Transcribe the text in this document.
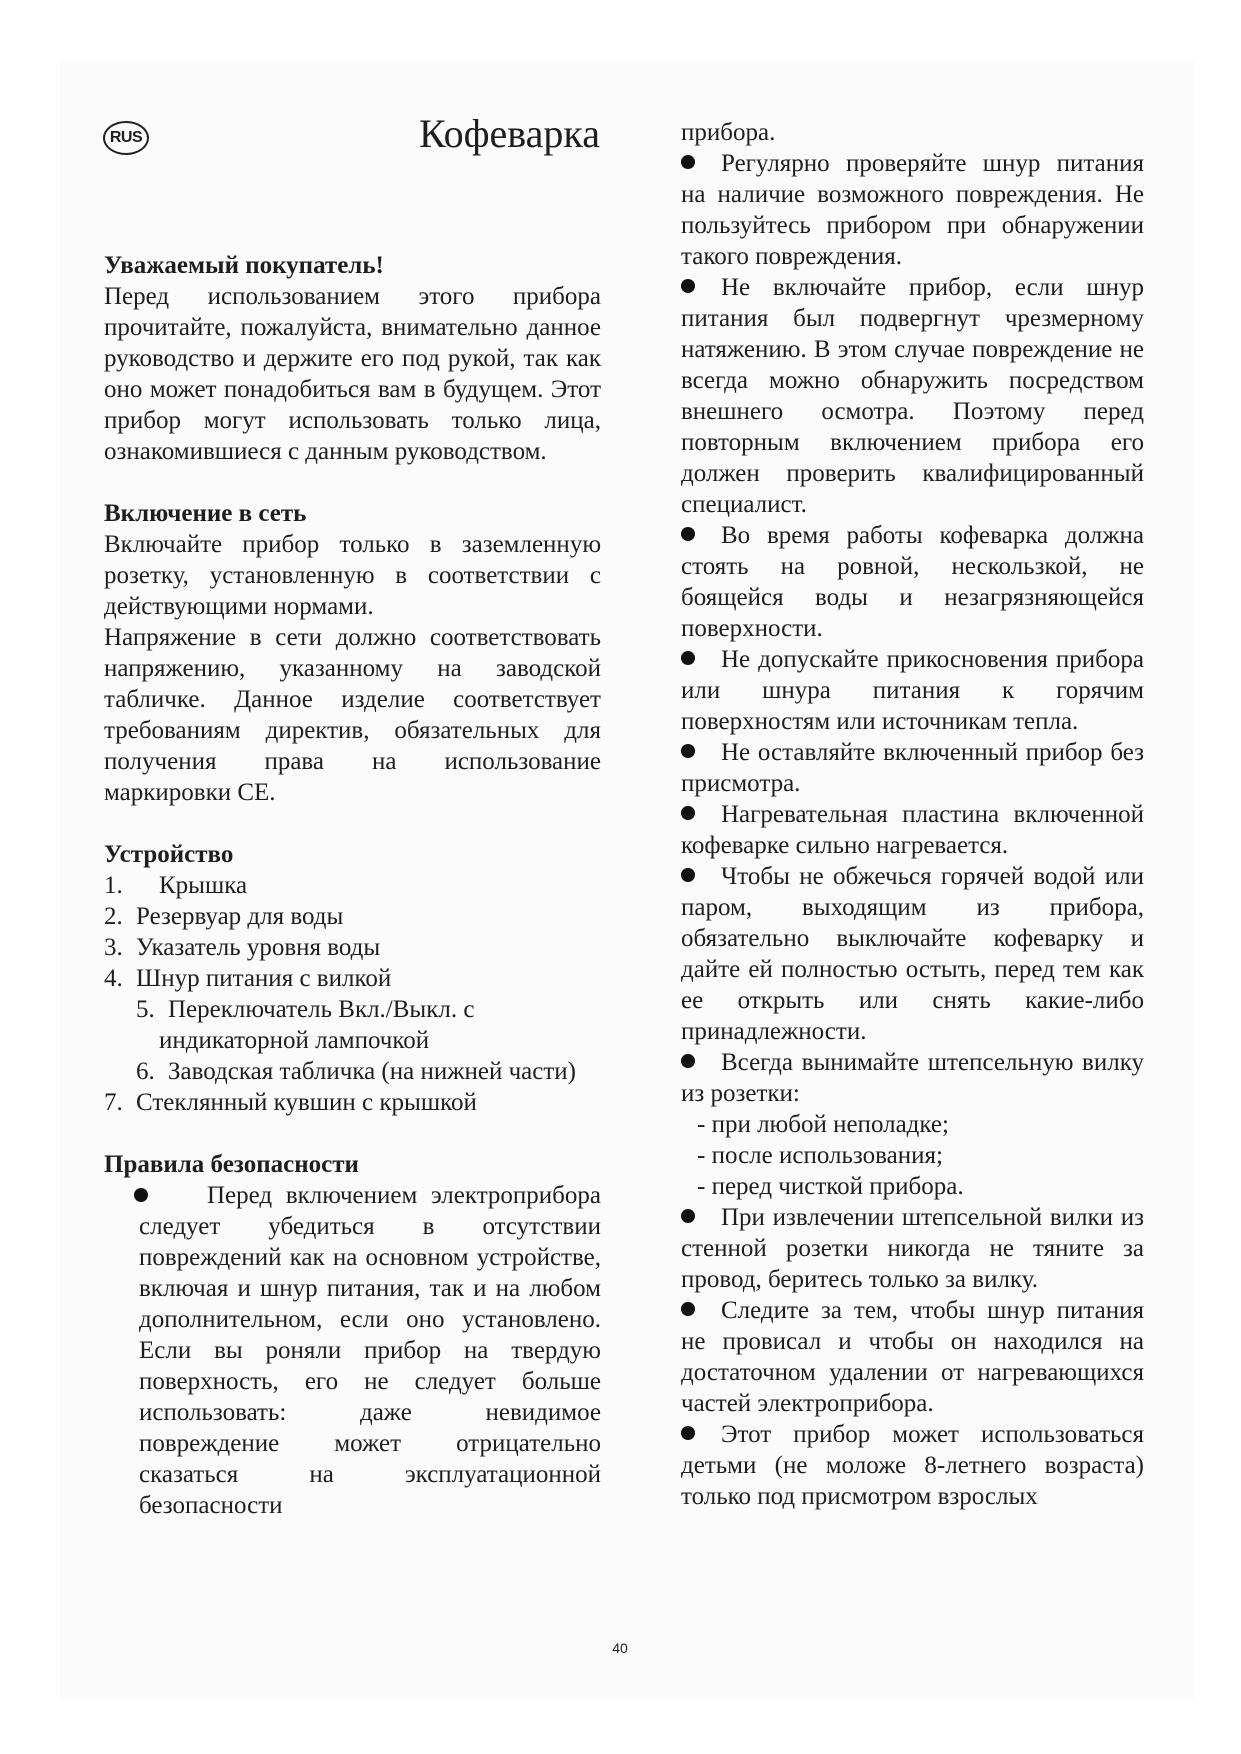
RUS	Кофеварка
Уважаемый покупатель!

Перед использованием этого прибора прочитайте, пожалуйста, внимательно данное руководство и держите его под рукой, так как оно может понадобиться вам в будущем. Этот прибор могут использовать только лица, ознакомившиеся с данным руководством.

Включение в сеть

Включайте прибор только в заземленную розетку, установленную в соответствии с действующими нормами.

Напряжение в сети должно соответствовать напряжению, указанному на заводской табличке. Данное изделие соответствует требованиям директив, обязательных для получения права на использование маркировки CE.

Устройство
1. Крышка
2. Резервуар для воды
3. Указатель уровня воды
4. Шнур питания с вилкой
5. Переключатель Вкл./Выкл. с индикаторной лампочкой
6. Заводская табличка (на нижней части)
7. Стеклянный кувшин с крышкой
Правила безопасности

Перед включением электроприбора следует убедиться в отсутствии повреждений как на основном устройстве, включая и шнур питания, так и на любом дополнительном, если оно установлено. Если вы роняли прибор на твердую поверхность, его не следует больше использовать: даже невидимое повреждение может отрицательно сказаться на эксплуатационной безопасности

прибора.

Регулярно проверяйте шнур питания на наличие возможного повреждения. Не пользуйтесь прибором при обнаружении такого повреждения.

Не включайте прибор, если шнур питания был подвергнут чрезмерному натяжению. В этом случае повреждение не всегда можно обнаружить посредством внешнего осмотра. Поэтому перед повторным включением прибора его должен проверить квалифицированный специалист.

Во время работы кофеварка должна стоять на ровной, нескользкой, не боящейся воды и незагрязняющейся поверхности.

Не допускайте прикосновения прибора или шнура питания к горячим поверхностям или источникам тепла.

Не оставляйте включенный прибор без присмотра.

Нагревательная пластина включенной кофеварке сильно нагревается.

Чтобы не обжечься горячей водой или паром, выходящим из прибора, обязательно выключайте кофеварку и дайте ей полностью остыть, перед тем как ее открыть или снять какие-либо принадлежности.

Всегда вынимайте штепсельную вилку из розетки:

- при любой неполадке;

- после использования;

- перед чисткой прибора.

При извлечении штепсельной вилки из стенной розетки никогда не тяните за провод, беритесь только за вилку.

Следите за тем, чтобы шнур питания не провисал и чтобы он находился на достаточном удалении от нагревающихся частей электроприбора.

Этот прибор может использоваться детьми (не моложе 8-летнего возраста) только под присмотром взрослых

40
